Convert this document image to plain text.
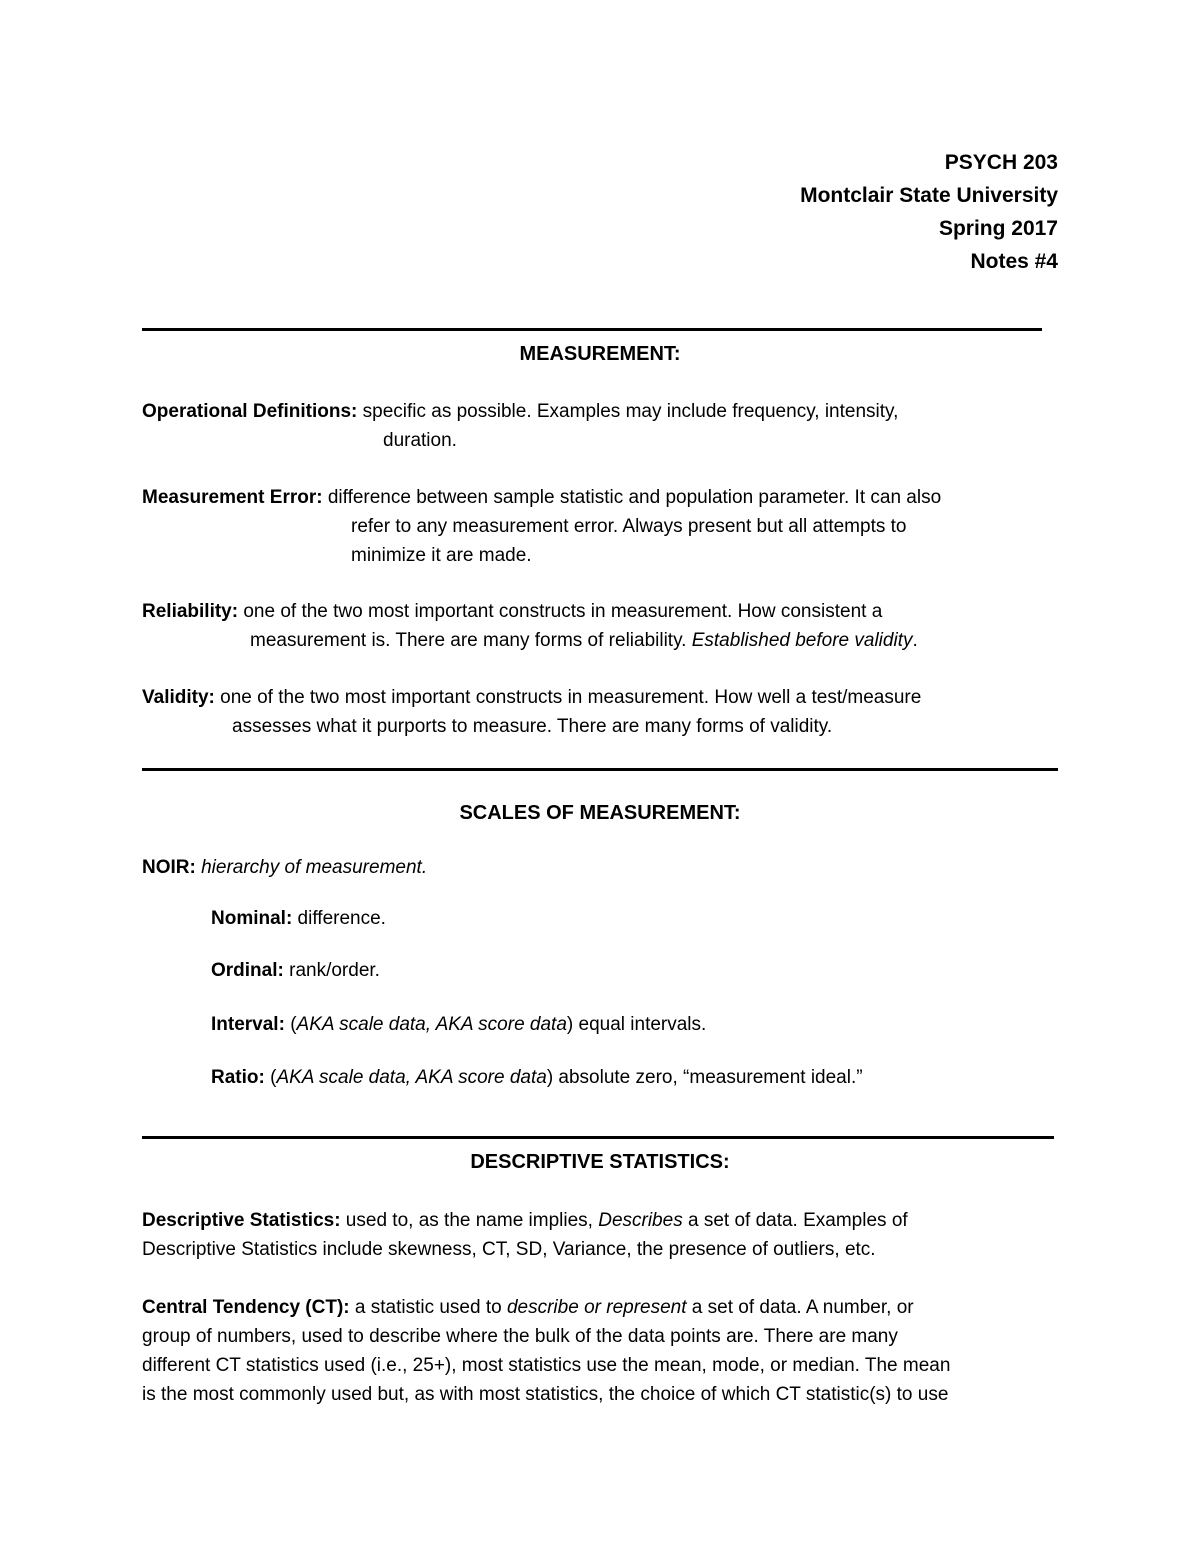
PSYCH 203
Montclair State University
Spring 2017
Notes #4
MEASUREMENT:
Operational Definitions: specific as possible. Examples may include frequency, intensity,
duration.
Measurement Error: difference between sample statistic and population parameter. It can also
refer to any measurement error. Always present but all attempts to
minimize it are made.
Reliability: one of the two most important constructs in measurement. How consistent a
measurement is. There are many forms of reliability. Established before validity.
Validity: one of the two most important constructs in measurement. How well a test/measure
assesses what it purports to measure. There are many forms of validity.
SCALES OF MEASUREMENT:
NOIR: hierarchy of measurement.
Nominal: difference.
Ordinal: rank/order.
Interval: (AKA scale data, AKA score data) equal intervals.
Ratio: (AKA scale data, AKA score data) absolute zero, “measurement ideal.”
DESCRIPTIVE STATISTICS:
Descriptive Statistics: used to, as the name implies, Describes a set of data. Examples of
Descriptive Statistics include skewness, CT, SD, Variance, the presence of outliers, etc.
Central Tendency (CT): a statistic used to describe or represent a set of data. A number, or
group of numbers, used to describe where the bulk of the data points are. There are many
different CT statistics used (i.e., 25+), most statistics use the mean, mode, or median. The mean
is the most commonly used but, as with most statistics, the choice of which CT statistic(s) to use
